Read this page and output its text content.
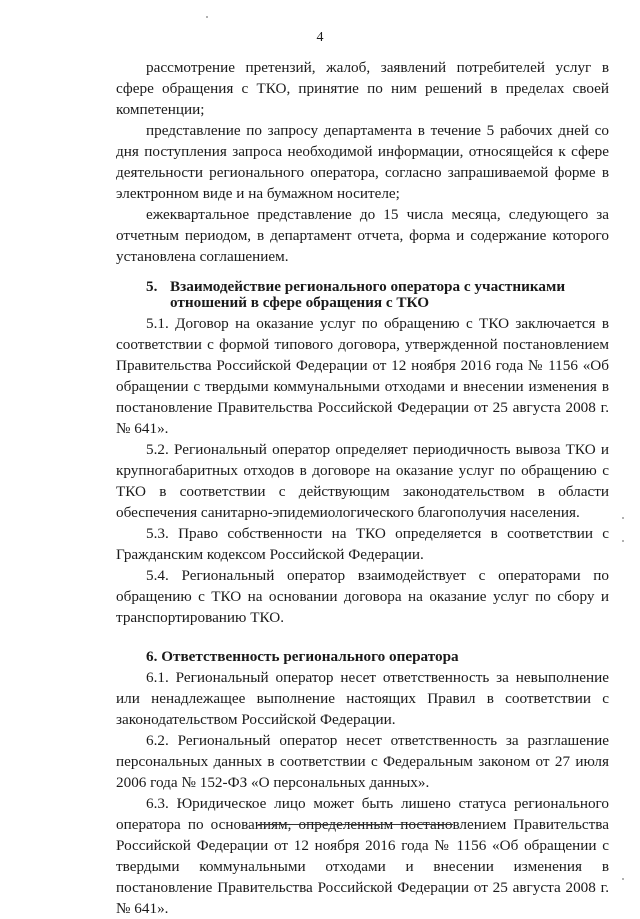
4

рассмотрение претензий, жалоб, заявлений потребителей услуг в сфере обращения с ТКО, принятие по ним решений в пределах своей компетенции;

представление по запросу департамента в течение 5 рабочих дней со дня поступления запроса необходимой информации, относящейся к сфере деятельности регионального оператора, согласно запрашиваемой форме в электронном виде и на бумажном носителе;

ежеквартальное представление до 15 числа месяца, следующего за отчетным периодом, в департамент отчета, форма и содержание которого установлена соглашением.

5. Взаимодействие регионального оператора с участниками
отношений в сфере обращения с ТКО

5.1. Договор на оказание услуг по обращению с ТКО заключается в соответствии с формой типового договора, утвержденной постановлением Правительства Российской Федерации от 12 ноября 2016 года № 1156 «Об обращении с твердыми коммунальными отходами и внесении изменения в постановление Правительства Российской Федерации от 25 августа 2008 г. № 641».

5.2. Региональный оператор определяет периодичность вывоза ТКО и крупногабаритных отходов в договоре на оказание услуг по обращению с ТКО в соответствии с действующим законодательством в области обеспечения санитарно-эпидемиологического благополучия населения.

5.3. Право собственности на ТКО определяется в соответствии с Гражданским кодексом Российской Федерации.

5.4. Региональный оператор взаимодействует с операторами по обращению с ТКО на основании договора на оказание услуг по сбору и транспортированию ТКО.

6. Ответственность регионального оператора

6.1. Региональный оператор несет ответственность за невыполнение или ненадлежащее выполнение настоящих Правил в соответствии с законодательством Российской Федерации.

6.2. Региональный оператор несет ответственность за разглашение персональных данных в соответствии с Федеральным законом от 27 июля 2006 года № 152-ФЗ «О персональных данных».

6.3. Юридическое лицо может быть лишено статуса регионального оператора по основаниям, определенным постановлением Правительства Российской Федерации от 12 ноября 2016 года № 1156 «Об обращении с твердыми коммунальными отходами и внесении изменения в постановление Правительства Российской Федерации от 25 августа 2008 г. № 641».
